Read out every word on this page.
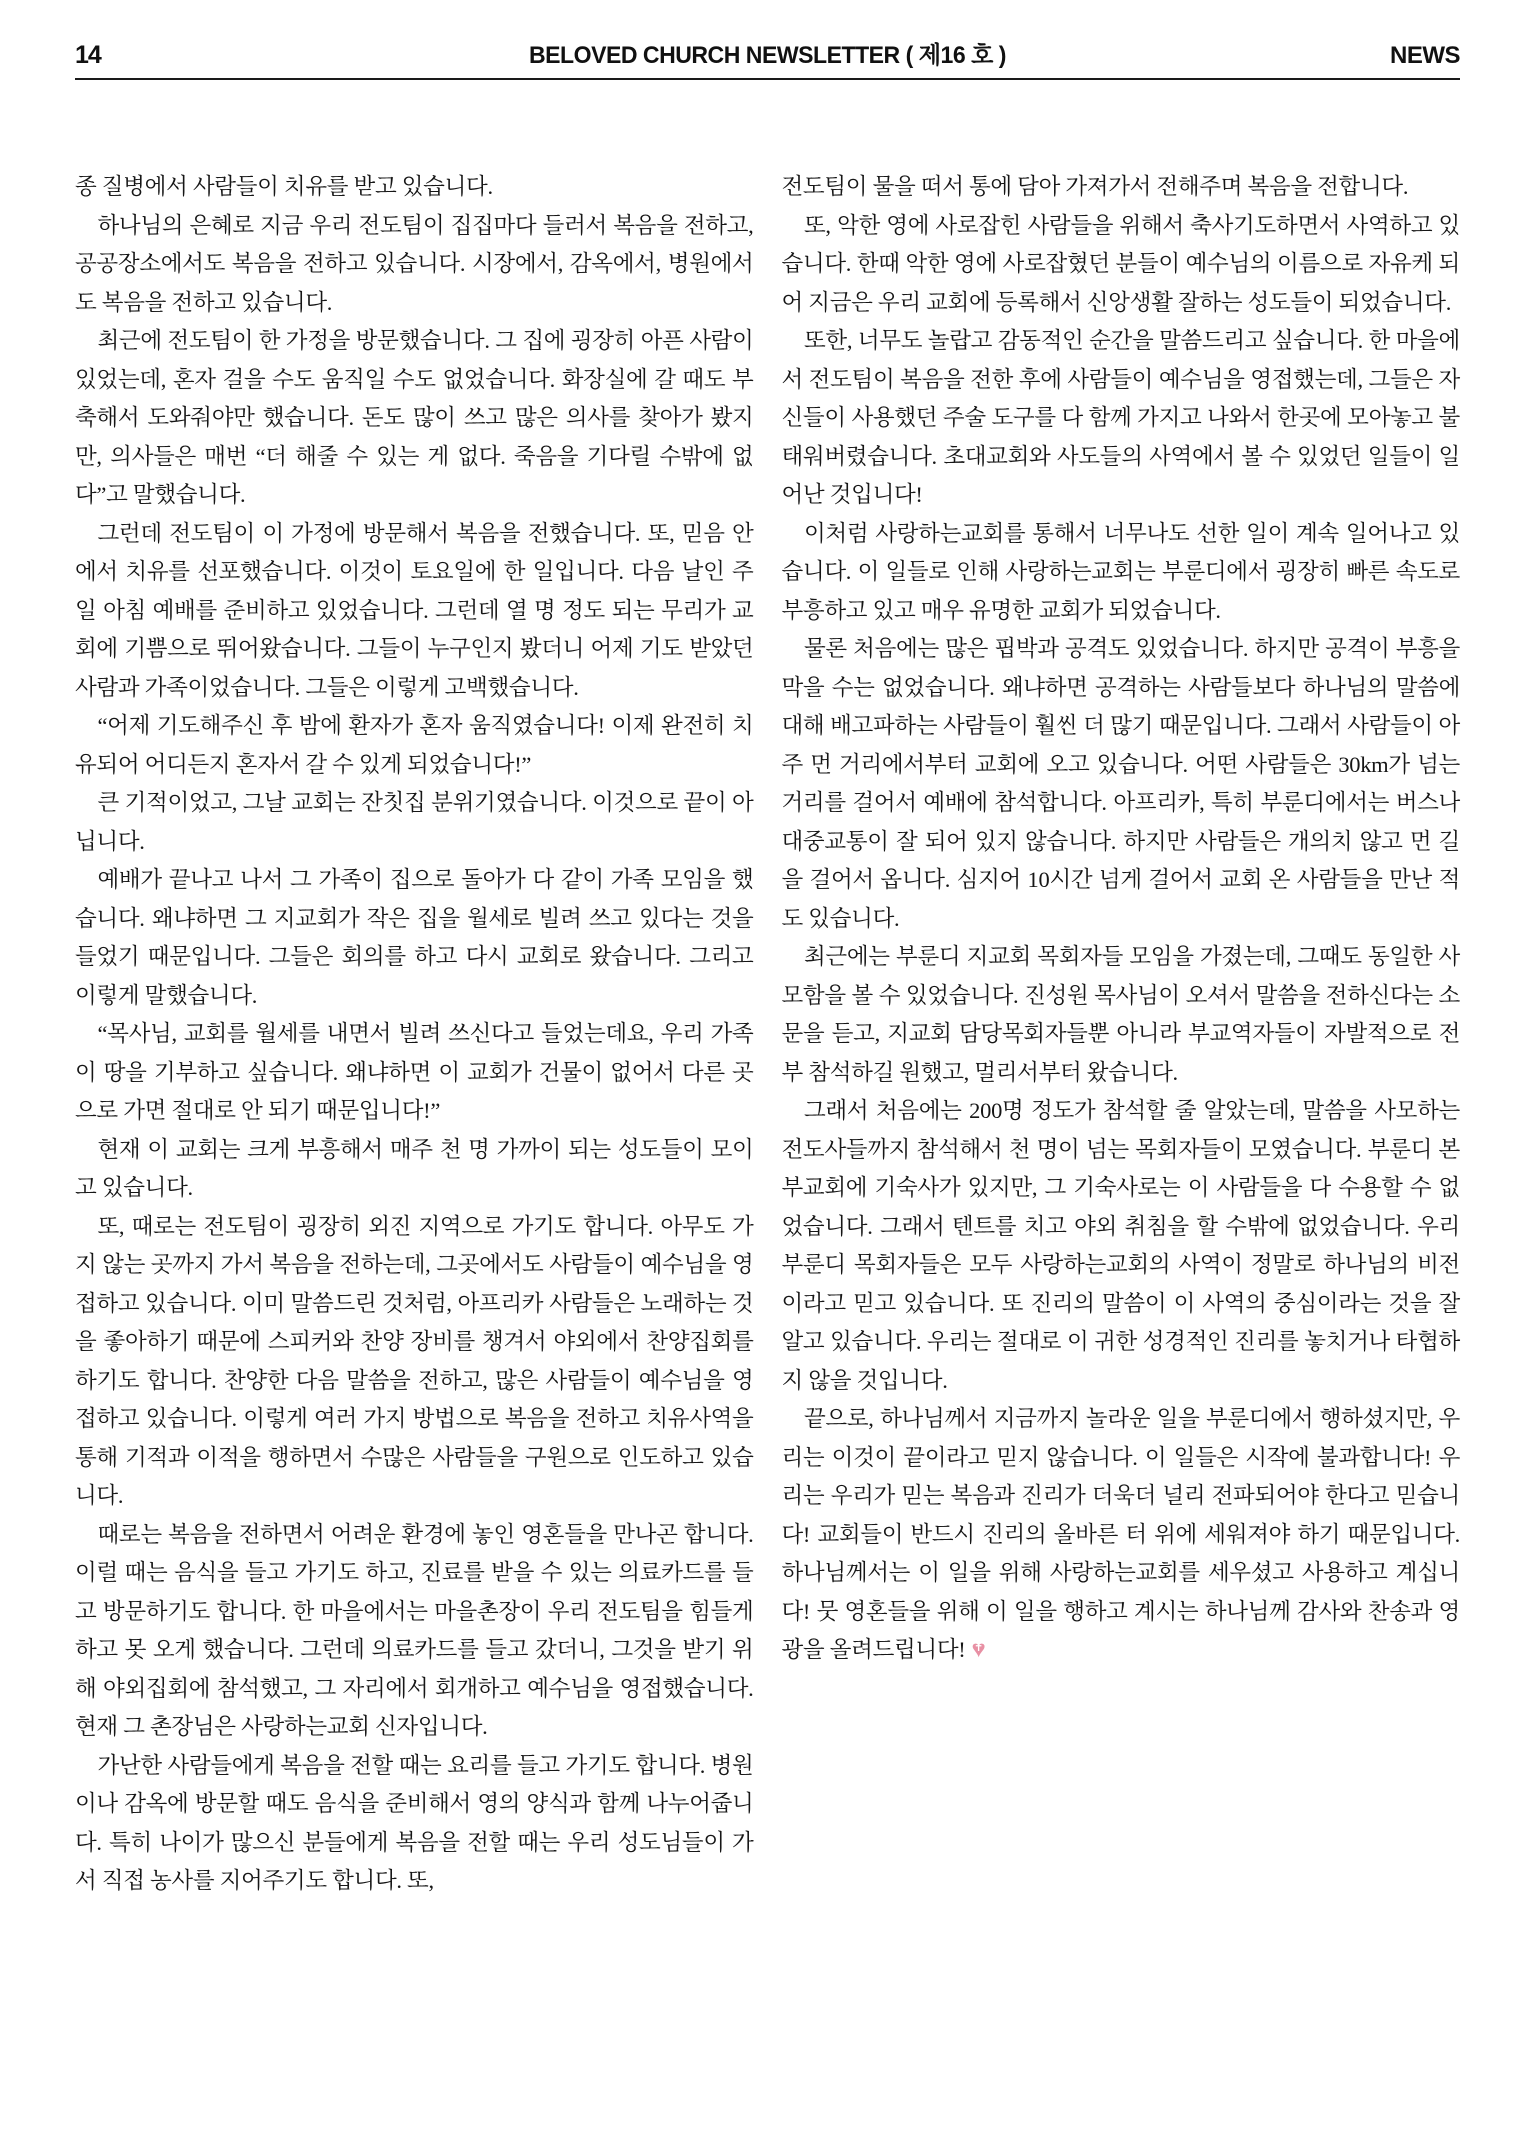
14	BELOVED CHURCH NEWSLETTER ( 제16 호 )	NEWS

종 질병에서 사람들이 치유를 받고 있습니다.

하나님의 은혜로 지금 우리 전도팀이 집집마다 들러서 복음을 전하고, 공공장소에서도 복음을 전하고 있습니다. 시장에서, 감옥에서, 병원에서도 복음을 전하고 있습니다.

최근에 전도팀이 한 가정을 방문했습니다. 그 집에 굉장히 아픈 사람이 있었는데, 혼자 걸을 수도 움직일 수도 없었습니다. 화장실에 갈 때도 부축해서 도와줘야만 했습니다. 돈도 많이 쓰고 많은 의사를 찾아가 봤지만, 의사들은 매번 “더 해줄 수 있는 게 없다. 죽음을 기다릴 수밖에 없다”고 말했습니다.

그런데 전도팀이 이 가정에 방문해서 복음을 전했습니다. 또, 믿음 안에서 치유를 선포했습니다. 이것이 토요일에 한 일입니다. 다음 날인 주일 아침 예배를 준비하고 있었습니다. 그런데 열 명 정도 되는 무리가 교회에 기쁨으로 뛰어왔습니다. 그들이 누구인지 봤더니 어제 기도 받았던 사람과 가족이었습니다. 그들은 이렇게 고백했습니다.

“어제 기도해주신 후 밤에 환자가 혼자 움직였습니다! 이제 완전히 치유되어 어디든지 혼자서 갈 수 있게 되었습니다!”

큰 기적이었고, 그날 교회는 잔칫집 분위기였습니다. 이것으로 끝이 아닙니다.

예배가 끝나고 나서 그 가족이 집으로 돌아가 다 같이 가족 모임을 했습니다. 왜냐하면 그 지교회가 작은 집을 월세로 빌려 쓰고 있다는 것을 들었기 때문입니다. 그들은 회의를 하고 다시 교회로 왔습니다. 그리고 이렇게 말했습니다.

“목사님, 교회를 월세를 내면서 빌려 쓰신다고 들었는데요, 우리 가족이 땅을 기부하고 싶습니다. 왜냐하면 이 교회가 건물이 없어서 다른 곳으로 가면 절대로 안 되기 때문입니다!”

현재 이 교회는 크게 부흥해서 매주 천 명 가까이 되는 성도들이 모이고 있습니다.

또, 때로는 전도팀이 굉장히 외진 지역으로 가기도 합니다. 아무도 가지 않는 곳까지 가서 복음을 전하는데, 그곳에서도 사람들이 예수님을 영접하고 있습니다. 이미 말씀드린 것처럼, 아프리카 사람들은 노래하는 것을 좋아하기 때문에 스피커와 찬양 장비를 챙겨서 야외에서 찬양집회를 하기도 합니다. 찬양한 다음 말씀을 전하고, 많은 사람들이 예수님을 영접하고 있습니다. 이렇게 여러 가지 방법으로 복음을 전하고 치유사역을 통해 기적과 이적을 행하면서 수많은 사람들을 구원으로 인도하고 있습니다.

때로는 복음을 전하면서 어려운 환경에 놓인 영혼들을 만나곤 합니다. 이럴 때는 음식을 들고 가기도 하고, 진료를 받을 수 있는 의료카드를 들고 방문하기도 합니다. 한 마을에서는 마을촌장이 우리 전도팀을 힘들게 하고 못 오게 했습니다. 그런데 의료카드를 들고 갔더니, 그것을 받기 위해 야외집회에 참석했고, 그 자리에서 회개하고 예수님을 영접했습니다. 현재 그 촌장님은 사랑하는교회 신자입니다.

가난한 사람들에게 복음을 전할 때는 요리를 들고 가기도 합니다. 병원이나 감옥에 방문할 때도 음식을 준비해서 영의 양식과 함께 나누어줍니다. 특히 나이가 많으신 분들에게 복음을 전할 때는 우리 성도님들이 가서 직접 농사를 지어주기도 합니다. 또,

전도팀이 물을 떠서 통에 담아 가져가서 전해주며 복음을 전합니다.

또, 악한 영에 사로잡힌 사람들을 위해서 축사기도하면서 사역하고 있습니다. 한때 악한 영에 사로잡혔던 분들이 예수님의 이름으로 자유케 되어 지금은 우리 교회에 등록해서 신앙생활 잘하는 성도들이 되었습니다.

또한, 너무도 놀랍고 감동적인 순간을 말씀드리고 싶습니다. 한 마을에서 전도팀이 복음을 전한 후에 사람들이 예수님을 영접했는데, 그들은 자신들이 사용했던 주술 도구를 다 함께 가지고 나와서 한곳에 모아놓고 불태워버렸습니다. 초대교회와 사도들의 사역에서 볼 수 있었던 일들이 일어난 것입니다!

이처럼 사랑하는교회를 통해서 너무나도 선한 일이 계속 일어나고 있습니다. 이 일들로 인해 사랑하는교회는 부룬디에서 굉장히 빠른 속도로 부흥하고 있고 매우 유명한 교회가 되었습니다.

물론 처음에는 많은 핍박과 공격도 있었습니다. 하지만 공격이 부흥을 막을 수는 없었습니다. 왜냐하면 공격하는 사람들보다 하나님의 말씀에 대해 배고파하는 사람들이 훨씬 더 많기 때문입니다. 그래서 사람들이 아주 먼 거리에서부터 교회에 오고 있습니다. 어떤 사람들은 30km가 넘는 거리를 걸어서 예배에 참석합니다. 아프리카, 특히 부룬디에서는 버스나 대중교통이 잘 되어 있지 않습니다. 하지만 사람들은 개의치 않고 먼 길을 걸어서 옵니다. 심지어 10시간 넘게 걸어서 교회 온 사람들을 만난 적도 있습니다.

최근에는 부룬디 지교회 목회자들 모임을 가졌는데, 그때도 동일한 사모함을 볼 수 있었습니다. 진성원 목사님이 오셔서 말씀을 전하신다는 소문을 듣고, 지교회 담당목회자들뿐 아니라 부교역자들이 자발적으로 전부 참석하길 원했고, 멀리서부터 왔습니다.

그래서 처음에는 200명 정도가 참석할 줄 알았는데, 말씀을 사모하는 전도사들까지 참석해서 천 명이 넘는 목회자들이 모였습니다. 부룬디 본부교회에 기숙사가 있지만, 그 기숙사로는 이 사람들을 다 수용할 수 없었습니다. 그래서 텐트를 치고 야외 취침을 할 수밖에 없었습니다. 우리 부룬디 목회자들은 모두 사랑하는교회의 사역이 정말로 하나님의 비전이라고 믿고 있습니다. 또 진리의 말씀이 이 사역의 중심이라는 것을 잘 알고 있습니다. 우리는 절대로 이 귀한 성경적인 진리를 놓치거나 타협하지 않을 것입니다.

끝으로, 하나님께서 지금까지 놀라운 일을 부룬디에서 행하셨지만, 우리는 이것이 끝이라고 믿지 않습니다. 이 일들은 시작에 불과합니다! 우리는 우리가 믿는 복음과 진리가 더욱더 널리 전파되어야 한다고 믿습니다! 교회들이 반드시 진리의 올바른 터 위에 세워져야 하기 때문입니다. 하나님께서는 이 일을 위해 사랑하는교회를 세우셨고 사용하고 계십니다! 뭇 영혼들을 위해 이 일을 행하고 계시는 하나님께 감사와 찬송과 영광을 올려드립니다! ♥ ✝
